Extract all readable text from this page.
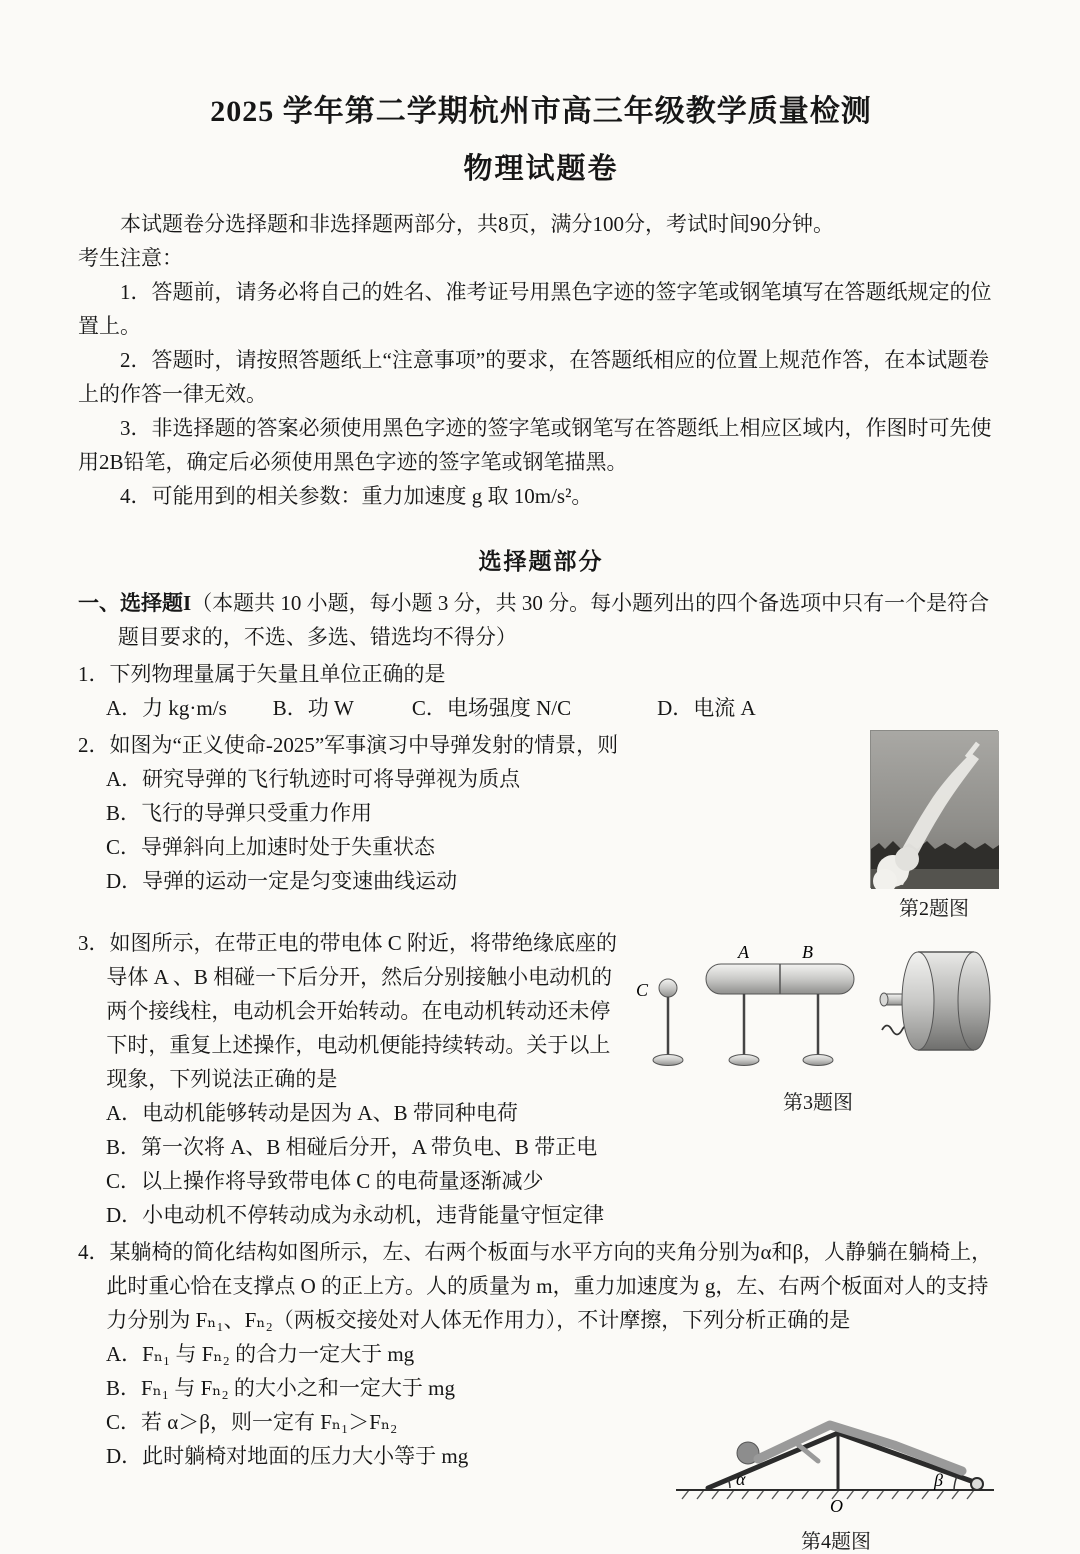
2025 学年第二学期杭州市高三年级教学质量检测
物理试题卷

本试题卷分选择题和非选择题两部分，共8页，满分100分，考试时间90分钟。

考生注意：

1．答题前，请务必将自己的姓名、准考证号用黑色字迹的签字笔或钢笔填写在答题纸规定的位置上。

2．答题时，请按照答题纸上“注意事项”的要求，在答题纸相应的位置上规范作答，在本试题卷上的作答一律无效。

3．非选择题的答案必须使用黑色字迹的签字笔或钢笔写在答题纸上相应区域内，作图时可先使用2B铅笔，确定后必须使用黑色字迹的签字笔或钢笔描黑。

4．可能用到的相关参数：重力加速度 g 取 10m/s²。

选择题部分

一、选择题I（本题共 10 小题，每小题 3 分，共 30 分。每小题列出的四个备选项中只有一个是符合题目要求的，不选、多选、错选均不得分）

1．下列物理量属于矢量且单位正确的是

A．力 kg·m/s B．功 W	C．电场强度 N/C	D．电流 A
第2题图

2．如图为“正义使命-2025”军事演习中导弹发射的情景，则

A．研究导弹的飞行轨迹时可将导弹视为质点

B．飞行的导弹只受重力作用

C．导弹斜向上加速时处于失重状态

D．导弹的运动一定是匀变速曲线运动

C
A	B
第3题图

3．如图所示，在带正电的带电体 C 附近，将带绝缘底座的导体 A 、B 相碰一下后分开，然后分别接触小电动机的两个接线柱，电动机会开始转动。在电动机转动还未停下时，重复上述操作，电动机便能持续转动。关于以上现象，下列说法正确的是

A．电动机能够转动是因为 A、B 带同种电荷

B．第一次将 A、B 相碰后分开，A 带负电、B 带正电

C．以上操作将导致带电体 C 的电荷量逐渐减少

D．小电动机不停转动成为永动机，违背能量守恒定律

4．某躺椅的简化结构如图所示，左、右两个板面与水平方向的夹角分别为α和β，人静躺在躺椅上，此时重心恰在支撑点 O 的正上方。人的质量为 m，重力加速度为 g，左、右两个板面对人的支持力分别为 Fₙ₁、Fₙ₂（两板交接处对人体无作用力），不计摩擦，下列分析正确的是

α	β
O
第4题图

A．Fₙ₁ 与 Fₙ₂ 的合力一定大于 mg

B．Fₙ₁ 与 Fₙ₂ 的大小之和一定大于 mg

C．若 α＞β，则一定有 Fₙ₁＞Fₙ₂

D．此时躺椅对地面的压力大小等于 mg
